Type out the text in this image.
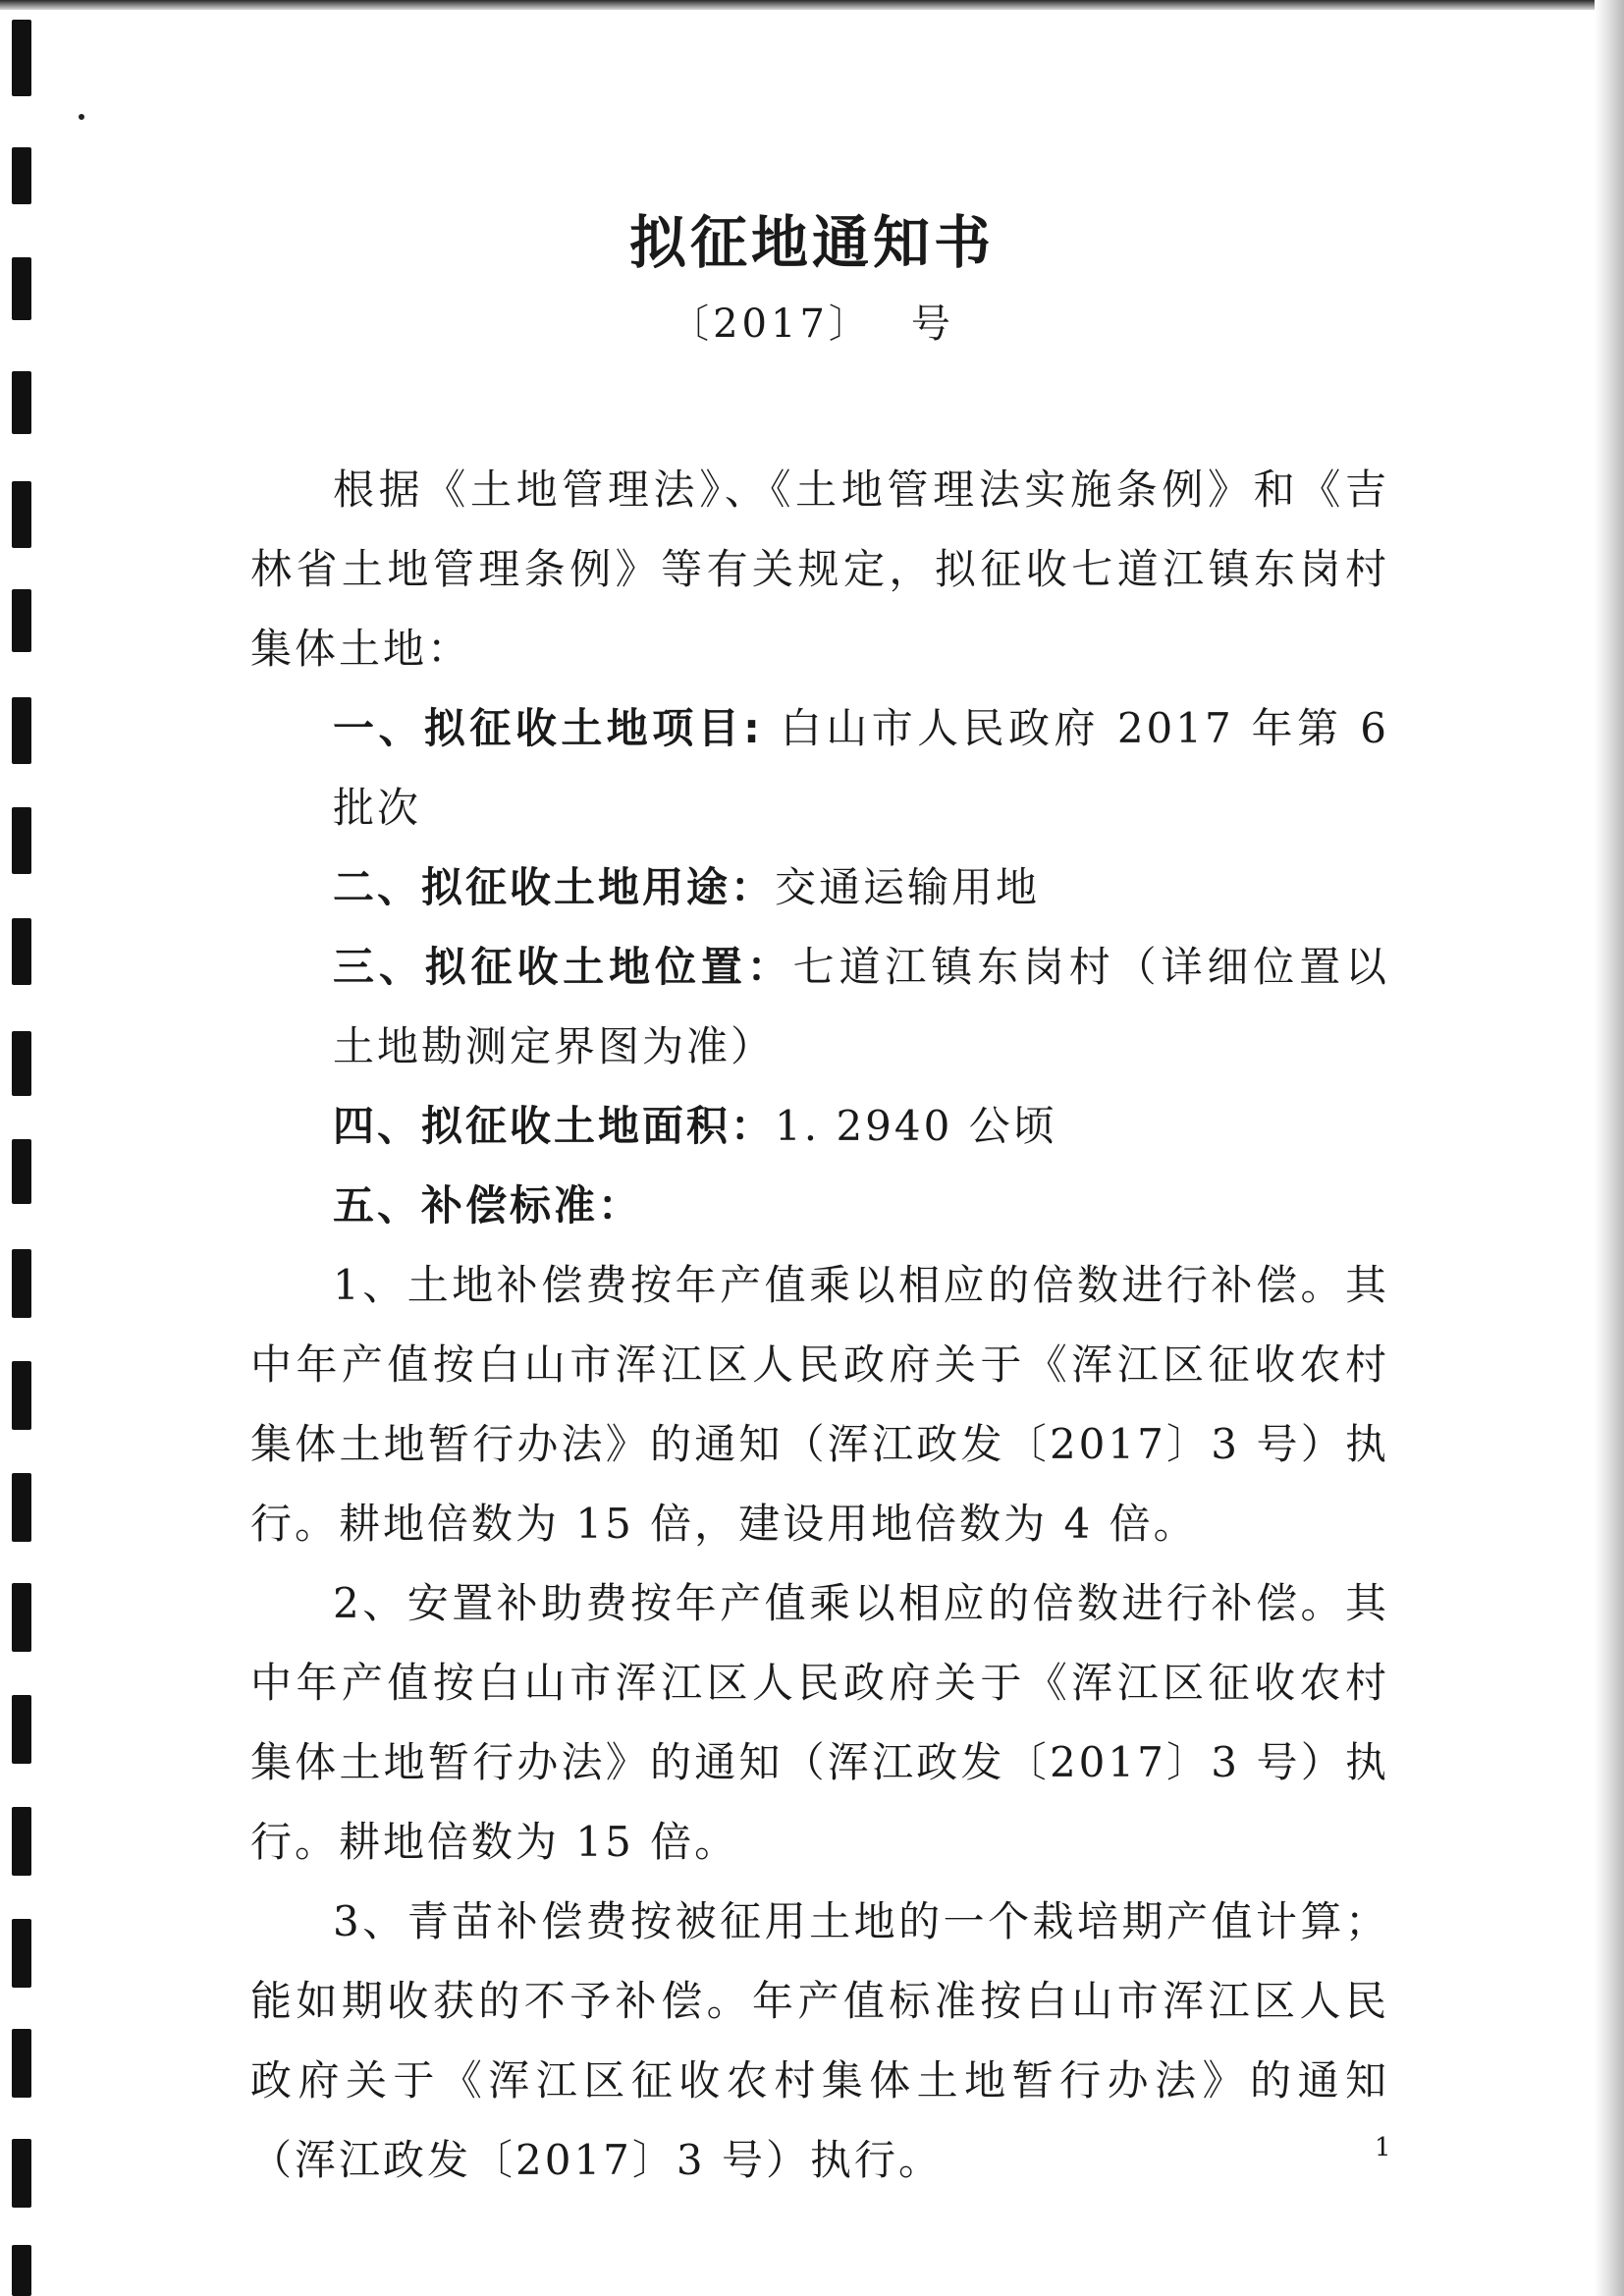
拟征地通知书
〔2017〕 号

根据《土地管理法》、《土地管理法实施条例》和《吉林省土地管理条例》等有关规定，拟征收七道江镇东岗村集体土地：

一、拟征收土地项目: 白山市人民政府 2017 年第 6 批次

二、拟征收土地用途：交通运输用地

三、拟征收土地位置：七道江镇东岗村（详细位置以土地勘测定界图为准）

四、拟征收土地面积：1. 2940 公顷

五、补偿标准：

1、土地补偿费按年产值乘以相应的倍数进行补偿。其中年产值按白山市浑江区人民政府关于《浑江区征收农村集体土地暂行办法》的通知（浑江政发〔2017〕3 号）执行。耕地倍数为 15 倍，建设用地倍数为 4 倍。

2、安置补助费按年产值乘以相应的倍数进行补偿。其中年产值按白山市浑江区人民政府关于《浑江区征收农村集体土地暂行办法》的通知（浑江政发〔2017〕3 号）执行。耕地倍数为 15 倍。

3、青苗补偿费按被征用土地的一个栽培期产值计算；能如期收获的不予补偿。年产值标准按白山市浑江区人民政府关于《浑江区征收农村集体土地暂行办法》的通知（浑江政发〔2017〕3 号）执行。	1
